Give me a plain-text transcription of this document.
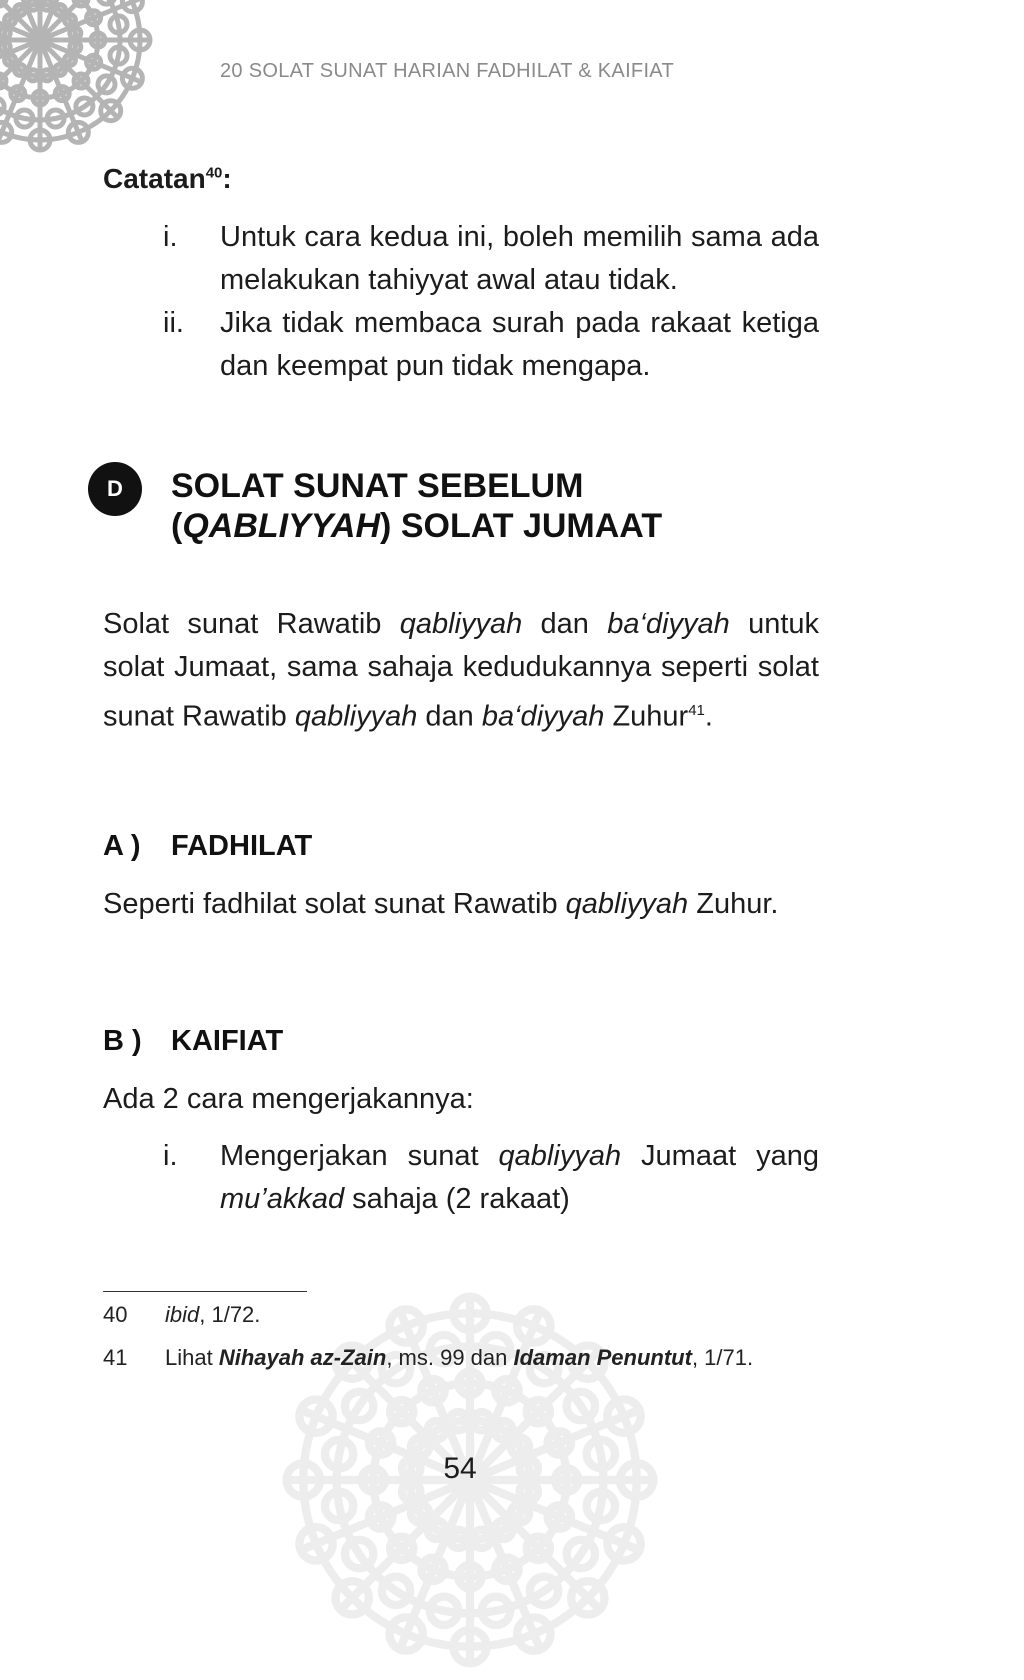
20 SOLAT SUNAT HARIAN FADHILAT & KAIFIAT
Catatan$^{40}$:
i.	Untuk cara kedua ini, boleh memilih sama ada melakukan tahiyyat awal atau tidak.
ii.	Jika tidak membaca surah pada rakaat ketiga dan keempat pun tidak mengapa.
D	SOLAT SUNAT SEBELUM
(QABLIYYAH) SOLAT JUMAAT
Solat sunat Rawatib qabliyyah dan ba‘diyyah untuk solat Jumaat, sama sahaja kedudukannya seperti solat sunat Rawatib qabliyyah dan ba‘diyyah Zuhur$^{41}$.
A ) FADHILAT
Seperti fadhilat solat sunat Rawatib qabliyyah Zuhur.
B ) KAIFIAT
Ada 2 cara mengerjakannya:
i.	Mengerjakan sunat qabliyyah Jumaat yang mu’akkad sahaja (2 rakaat)
40 ibid, 1/72.
41 Lihat Nihayah az-Zain, ms. 99 dan Idaman Penuntut, 1/71.
54
